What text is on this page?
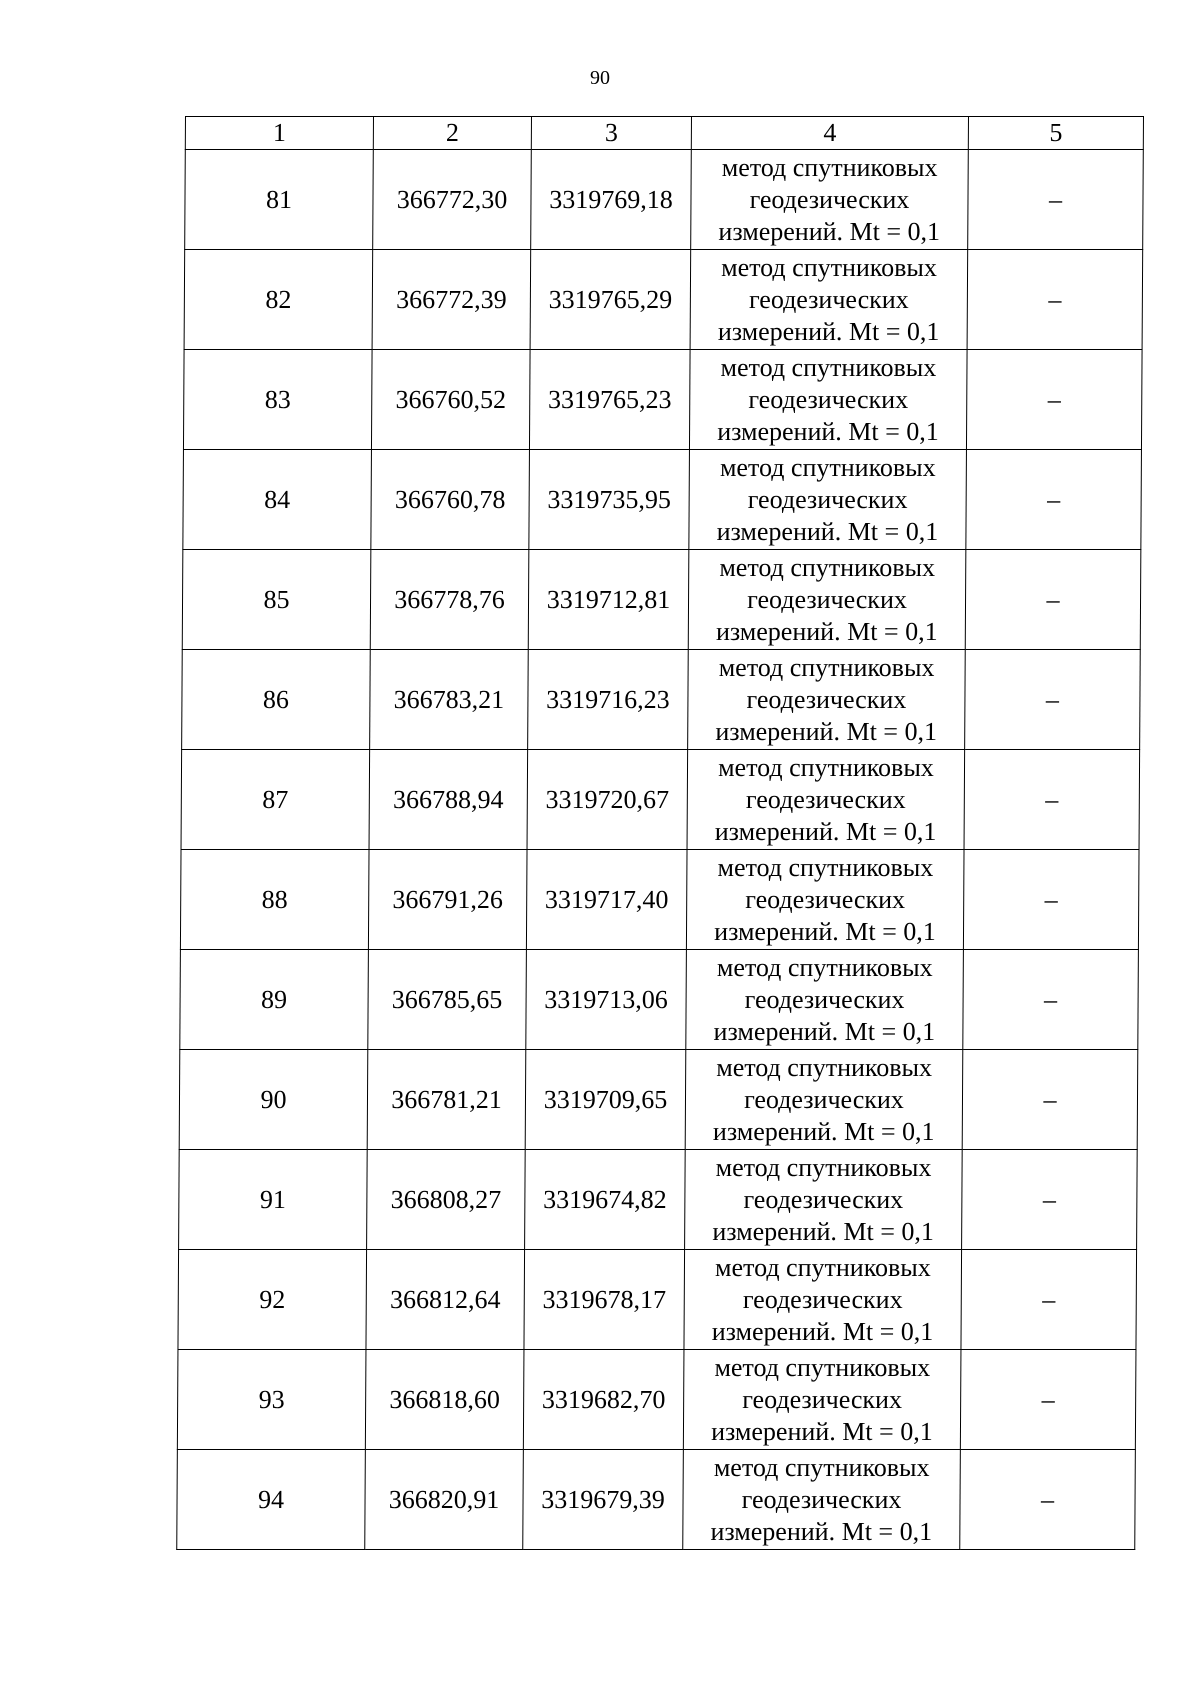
90
1	2	3	4	5
81	366772,30	3319769,18	метод спутниковых
геодезических
измерений. Mt = 0,1	–
82	366772,39	3319765,29	метод спутниковых
геодезических
измерений. Mt = 0,1	–
83	366760,52	3319765,23	метод спутниковых
геодезических
измерений. Mt = 0,1	–
84	366760,78	3319735,95	метод спутниковых
геодезических
измерений. Mt = 0,1	–
85	366778,76	3319712,81	метод спутниковых
геодезических
измерений. Mt = 0,1	–
86	366783,21	3319716,23	метод спутниковых
геодезических
измерений. Mt = 0,1	–
87	366788,94	3319720,67	метод спутниковых
геодезических
измерений. Mt = 0,1	–
88	366791,26	3319717,40	метод спутниковых
геодезических
измерений. Mt = 0,1	–
89	366785,65	3319713,06	метод спутниковых
геодезических
измерений. Mt = 0,1	–
90	366781,21	3319709,65	метод спутниковых
геодезических
измерений. Mt = 0,1	–
91	366808,27	3319674,82	метод спутниковых
геодезических
измерений. Mt = 0,1	–
92	366812,64	3319678,17	метод спутниковых
геодезических
измерений. Mt = 0,1	–
93	366818,60	3319682,70	метод спутниковых
геодезических
измерений. Mt = 0,1	–
94	366820,91	3319679,39	метод спутниковых
геодезических
измерений. Mt = 0,1	–
